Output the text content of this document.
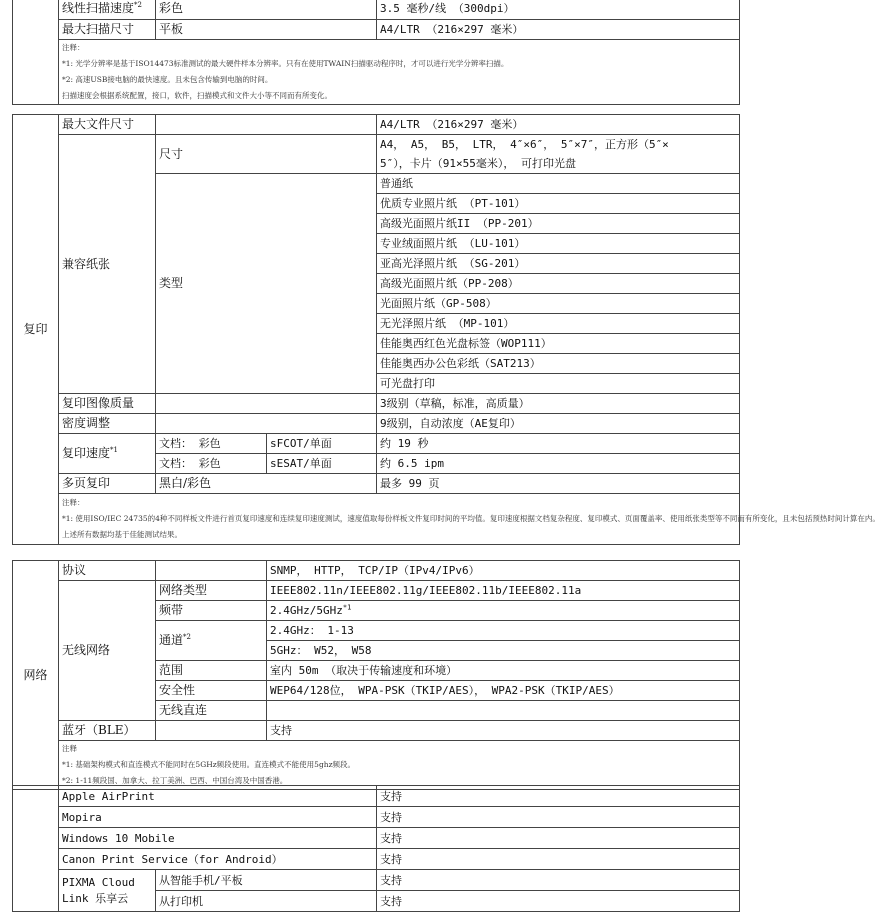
	线性扫描速度$^{*2}$	彩色	3.5 毫秒/线 （300dpi）
	最大扫描尺寸	平板	A4/LTR （216×297 毫米）

	注释：
*1: 光学分辨率是基于ISO14473标准测试的最大硬件样本分辨率。只有在使用TWAIN扫描驱动程序时，才可以进行光学分辨率扫描。
*2: 高速USB接电脑的最快速度。且未包含传输到电脑的时间。
扫描速度会根据系统配置，接口，软件，扫描模式和文件大小等不同而有所变化。		
复印	最大文件尺寸			A4/LTR （216×297 毫米）
	兼容纸张	尺寸		A4， A5， B5， LTR， 4″×6″， 5″×7″，正方形（5″×
5″），卡片（91×55毫米）， 可打印光盘

		类型		普通纸
				优质专业照片纸 （PT-101）
				高级光面照片纸II （PP-201）
				专业绒面照片纸 （LU-101）
				亚高光泽照片纸 （SG-201）
				高级光面照片纸（PP-208）
				光面照片纸（GP-508）
				无光泽照片纸 （MP-101）
				佳能奥西红色光盘标签（WOP111）
				佳能奥西办公色彩纸（SAT213）
				可光盘打印
	复印图像质量			3级别（草稿，标准，高质量）
	密度调整			9级别，自动浓度（AE复印）
	复印速度$^{*1}$	文档： 彩色	sFCOT/单面	约 19 秒
		文档： 彩色	sESAT/单面	约 6.5 ipm
	多页复印	黑白/彩色		最多 99 页

	注释：
*1: 使用ISO/IEC 24735的4种不同样板文件进行首页复印速度和连续复印速度测试，速度值取每份样板文件复印时间的平均值。复印速度根据文档复杂程度、复印模式、页面覆盖率、使用纸张类型等不同而有所变化，且未包括预热时间计算在内。
上述所有数据均基于佳能测试结果。			
网络	协议		SNMP， HTTP， TCP/IP（IPv4/IPv6）	
	无线网络	网络类型	IEEE802.11n/IEEE802.11g/IEEE802.11b/IEEE802.11a	
		频带	2.4GHz/5GHz$^{*1}$
		通道$^{*2}$	2.4GHz： 1-13	
			5GHz： W52， W58	
		范围	室内 50m （取决于传输速度和环境）	
		安全性	WEP64/128位， WPA-PSK（TKIP/AES）， WPA2-PSK（TKIP/AES）	
		无线直连		
	蓝牙（BLE）		支持	

	注释
*1: 基础架构模式和直连模式不能同时在5GHz频段使用。直连模式不能使用5ghz频段。
*2: 1-11频段国、加拿大、拉丁美洲、巴西、中国台湾及中国香港。			
	Apple AirPrint		支持
	Mopira		支持
	Windows 10 Mobile		支持
	Canon Print Service（for Android）		支持

	PIXMA Cloud
Link 乐享云	从智能手机/平板	支持
		从打印机	支持
